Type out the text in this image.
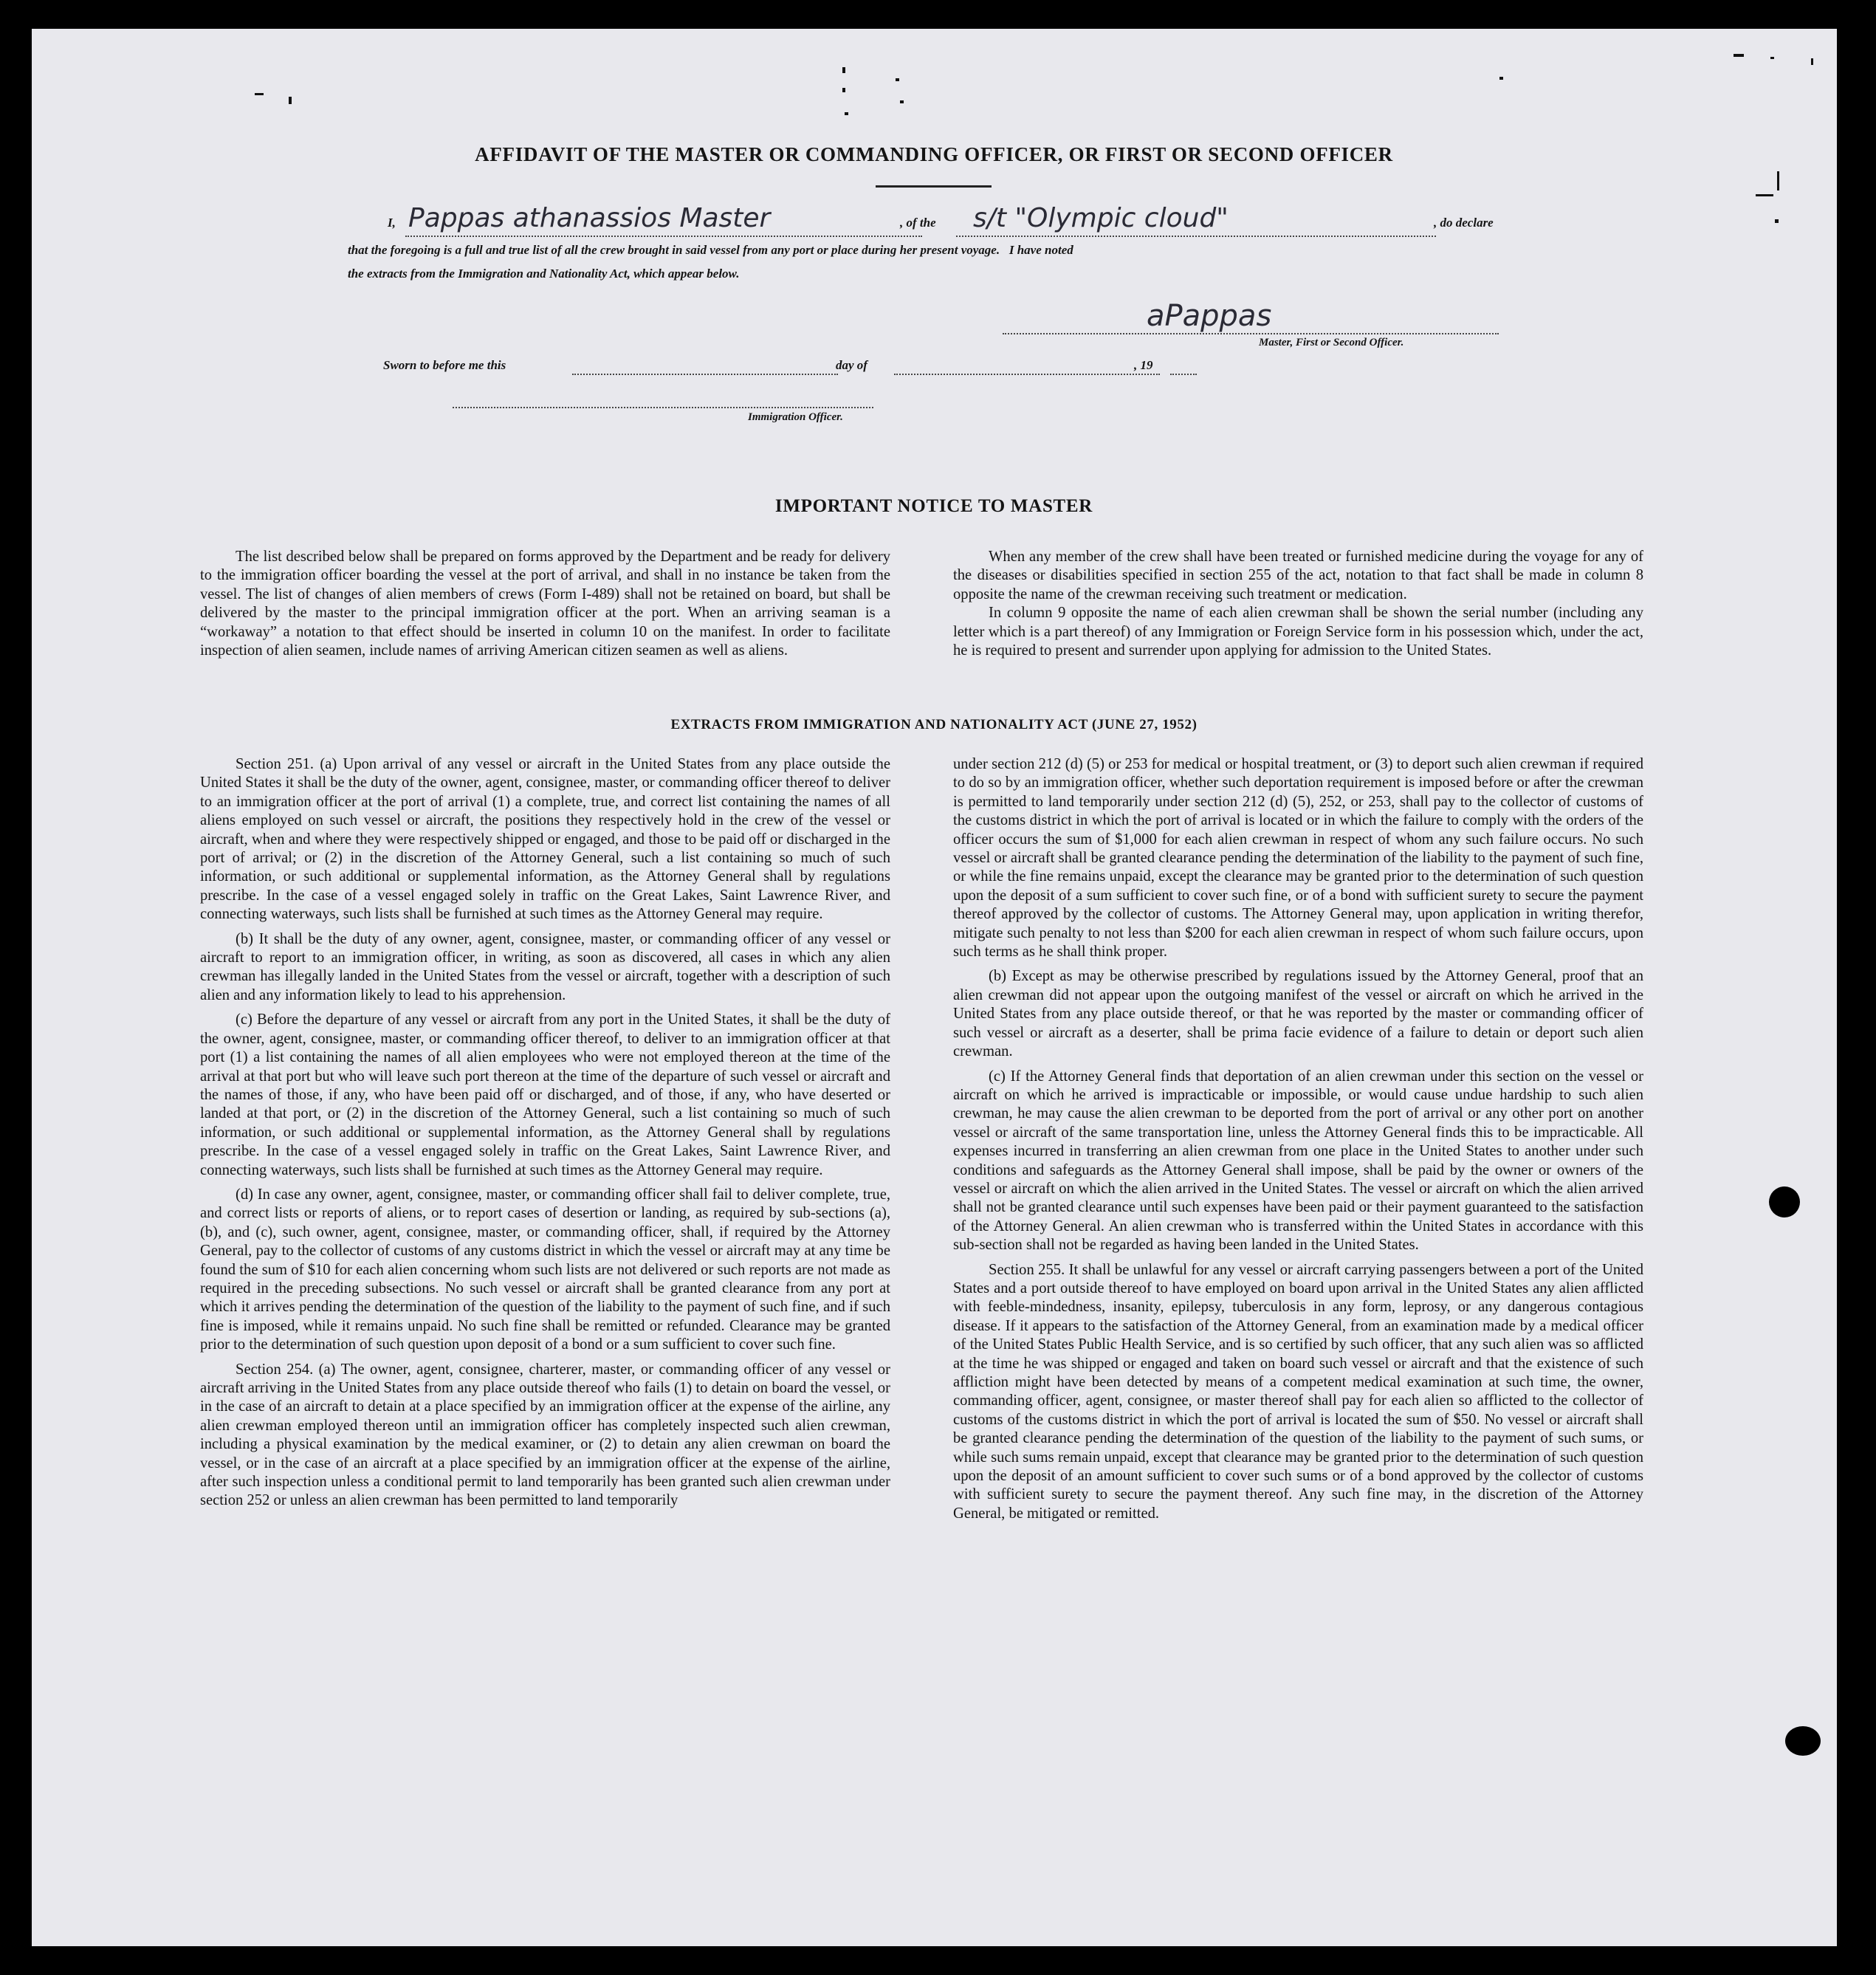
AFFIDAVIT OF THE MASTER OR COMMANDING OFFICER, OR FIRST OR SECOND OFFICER
I, Pappas athanassios Master	, of the s/t "Olympic cloud"	, do declare
that the foregoing is a full and true list of all the crew brought in said vessel from any port or place during her present voyage.   I have noted
the extracts from the Immigration and Nationality Act, which appear below.
aPappas
Master, First or Second Officer.
Sworn to before me this	day of	, 19
Immigration Officer.
IMPORTANT NOTICE TO MASTER

The list described below shall be prepared on forms approved by the Department and be ready for delivery to the immigration officer boarding the vessel at the port of arrival, and shall in no instance be taken from the vessel. The list of changes of alien members of crews (Form I-489) shall not be retained on board, but shall be delivered by the master to the principal immigration officer at the port. When an arriving seaman is a “workaway” a notation to that effect should be inserted in column 10 on the manifest. In order to facilitate inspection of alien seamen, include names of arriving American citizen seamen as well as aliens.

When any member of the crew shall have been treated or furnished medicine during the voyage for any of the diseases or disabilities specified in section 255 of the act, notation to that fact shall be made in column 8 opposite the name of the crewman receiving such treatment or medication.

In column 9 opposite the name of each alien crewman shall be shown the serial number (including any letter which is a part thereof) of any Immigration or Foreign Service form in his possession which, under the act, he is required to present and surrender upon applying for admission to the United States.

EXTRACTS FROM IMMIGRATION AND NATIONALITY ACT (JUNE 27, 1952)

Section 251. (a) Upon arrival of any vessel or aircraft in the United States from any place outside the United States it shall be the duty of the owner, agent, consignee, master, or commanding officer thereof to deliver to an immigration officer at the port of arrival (1) a complete, true, and correct list containing the names of all aliens employed on such vessel or aircraft, the positions they respectively hold in the crew of the vessel or aircraft, when and where they were respectively shipped or engaged, and those to be paid off or discharged in the port of arrival; or (2) in the discretion of the Attorney General, such a list containing so much of such information, or such additional or supplemental information, as the Attorney General shall by regulations prescribe. In the case of a vessel engaged solely in traffic on the Great Lakes, Saint Lawrence River, and connecting waterways, such lists shall be furnished at such times as the Attorney General may require.

(b) It shall be the duty of any owner, agent, consignee, master, or commanding officer of any vessel or aircraft to report to an immigration officer, in writing, as soon as discovered, all cases in which any alien crewman has illegally landed in the United States from the vessel or aircraft, together with a description of such alien and any information likely to lead to his apprehension.

(c) Before the departure of any vessel or aircraft from any port in the United States, it shall be the duty of the owner, agent, consignee, master, or commanding officer thereof, to deliver to an immigration officer at that port (1) a list containing the names of all alien employees who were not employed thereon at the time of the arrival at that port but who will leave such port thereon at the time of the departure of such vessel or aircraft and the names of those, if any, who have been paid off or discharged, and of those, if any, who have deserted or landed at that port, or (2) in the discretion of the Attorney General, such a list containing so much of such information, or such additional or supplemental information, as the Attorney General shall by regulations prescribe. In the case of a vessel engaged solely in traffic on the Great Lakes, Saint Lawrence River, and connecting waterways, such lists shall be furnished at such times as the Attorney General may require.

(d) In case any owner, agent, consignee, master, or commanding officer shall fail to deliver complete, true, and correct lists or reports of aliens, or to report cases of desertion or landing, as required by sub-sections (a), (b), and (c), such owner, agent, consignee, master, or commanding officer, shall, if required by the Attorney General, pay to the collector of customs of any customs district in which the vessel or aircraft may at any time be found the sum of $10 for each alien concerning whom such lists are not delivered or such reports are not made as required in the preceding subsections. No such vessel or aircraft shall be granted clearance from any port at which it arrives pending the determination of the question of the liability to the payment of such fine, and if such fine is imposed, while it remains unpaid. No such fine shall be remitted or refunded. Clearance may be granted prior to the determination of such question upon deposit of a bond or a sum sufficient to cover such fine.

Section 254. (a) The owner, agent, consignee, charterer, master, or commanding officer of any vessel or aircraft arriving in the United States from any place outside thereof who fails (1) to detain on board the vessel, or in the case of an aircraft to detain at a place specified by an immigration officer at the expense of the airline, any alien crewman employed thereon until an immigration officer has completely inspected such alien crewman, including a physical examination by the medical examiner, or (2) to detain any alien crewman on board the vessel, or in the case of an aircraft at a place specified by an immigration officer at the expense of the airline, after such inspection unless a conditional permit to land temporarily has been granted such alien crewman under section 252 or unless an alien crewman has been permitted to land temporarily

under section 212 (d) (5) or 253 for medical or hospital treatment, or (3) to deport such alien crewman if required to do so by an immigration officer, whether such deportation requirement is imposed before or after the crewman is permitted to land temporarily under section 212 (d) (5), 252, or 253, shall pay to the collector of customs of the customs district in which the port of arrival is located or in which the failure to comply with the orders of the officer occurs the sum of $1,000 for each alien crewman in respect of whom any such failure occurs. No such vessel or aircraft shall be granted clearance pending the determination of the liability to the payment of such fine, or while the fine remains unpaid, except the clearance may be granted prior to the determination of such question upon the deposit of a sum sufficient to cover such fine, or of a bond with sufficient surety to secure the payment thereof approved by the collector of customs. The Attorney General may, upon application in writing therefor, mitigate such penalty to not less than $200 for each alien crewman in respect of whom such failure occurs, upon such terms as he shall think proper.

(b) Except as may be otherwise prescribed by regulations issued by the Attorney General, proof that an alien crewman did not appear upon the outgoing manifest of the vessel or aircraft on which he arrived in the United States from any place outside thereof, or that he was reported by the master or commanding officer of such vessel or aircraft as a deserter, shall be prima facie evidence of a failure to detain or deport such alien crewman.

(c) If the Attorney General finds that deportation of an alien crewman under this section on the vessel or aircraft on which he arrived is impracticable or impossible, or would cause undue hardship to such alien crewman, he may cause the alien crewman to be deported from the port of arrival or any other port on another vessel or aircraft of the same transportation line, unless the Attorney General finds this to be impracticable. All expenses incurred in transferring an alien crewman from one place in the United States to another under such conditions and safeguards as the Attorney General shall impose, shall be paid by the owner or owners of the vessel or aircraft on which the alien arrived in the United States. The vessel or aircraft on which the alien arrived shall not be granted clearance until such expenses have been paid or their payment guaranteed to the satisfaction of the Attorney General. An alien crewman who is transferred within the United States in accordance with this sub-section shall not be regarded as having been landed in the United States.

Section 255. It shall be unlawful for any vessel or aircraft carrying passengers between a port of the United States and a port outside thereof to have employed on board upon arrival in the United States any alien afflicted with feeble-mindedness, insanity, epilepsy, tuberculosis in any form, leprosy, or any dangerous contagious disease. If it appears to the satisfaction of the Attorney General, from an examination made by a medical officer of the United States Public Health Service, and is so certified by such officer, that any such alien was so afflicted at the time he was shipped or engaged and taken on board such vessel or aircraft and that the existence of such affliction might have been detected by means of a competent medical examination at such time, the owner, commanding officer, agent, consignee, or master thereof shall pay for each alien so afflicted to the collector of customs of the customs district in which the port of arrival is located the sum of $50. No vessel or aircraft shall be granted clearance pending the determination of the question of the liability to the payment of such sums, or while such sums remain unpaid, except that clearance may be granted prior to the determination of such question upon the deposit of an amount sufficient to cover such sums or of a bond approved by the collector of customs with sufficient surety to secure the payment thereof. Any such fine may, in the discretion of the Attorney General, be mitigated or remitted.
